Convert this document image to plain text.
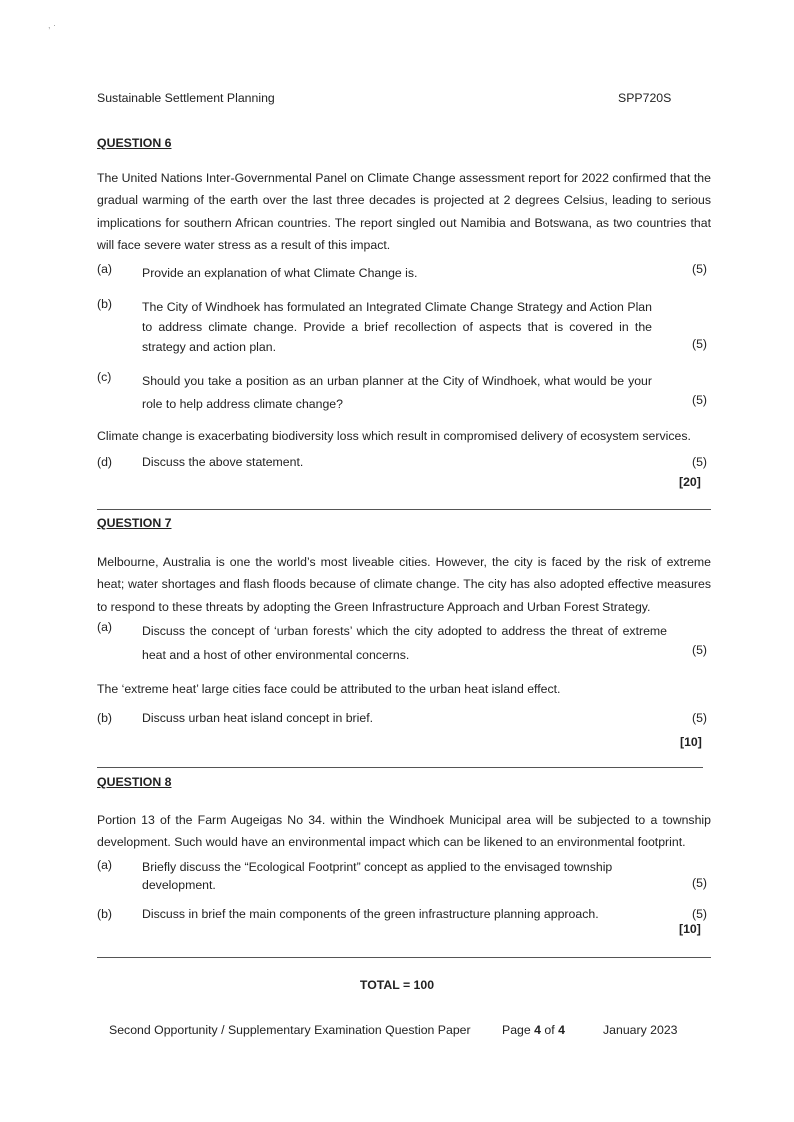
, ·
Sustainable Settlement Planning	SPP720S
QUESTION 6
The United Nations Inter-Governmental Panel on Climate Change assessment report for 2022 confirmed that the gradual warming of the earth over the last three decades is projected at 2 degrees Celsius, leading to serious implications for southern African countries. The report singled out Namibia and Botswana, as two countries that will face severe water stress as a result of this impact.
(a) Provide an explanation of what Climate Change is.	(5)
(b) The City of Windhoek has formulated an Integrated Climate Change Strategy and Action Plan to address climate change. Provide a brief recollection of aspects that is covered in the strategy and action plan.	(5)
(c) Should you take a position as an urban planner at the City of Windhoek, what would be your role to help address climate change?	(5)
Climate change is exacerbating biodiversity loss which result in compromised delivery of ecosystem services.
(d) Discuss the above statement.	(5)
[20]
QUESTION 7
Melbourne, Australia is one the world’s most liveable cities. However, the city is faced by the risk of extreme heat; water shortages and flash floods because of climate change. The city has also adopted effective measures to respond to these threats by adopting the Green Infrastructure Approach and Urban Forest Strategy.
(a) Discuss the concept of ‘urban forests’ which the city adopted to address the threat of extreme heat and a host of other environmental concerns.	(5)
The ‘extreme heat’ large cities face could be attributed to the urban heat island effect.
(b) Discuss urban heat island concept in brief.	(5)
[10]
QUESTION 8
Portion 13 of the Farm Augeigas No 34. within the Windhoek Municipal area will be subjected to a township development. Such would have an environmental impact which can be likened to an environmental footprint.
(a) Briefly discuss the “Ecological Footprint” concept as applied to the envisaged township development.	(5)
(b) Discuss in brief the main components of the green infrastructure planning approach.	(5)
[10]
TOTAL = 100
Second Opportunity / Supplementary Examination Question Paper	Page 4 of 4	January 2023
